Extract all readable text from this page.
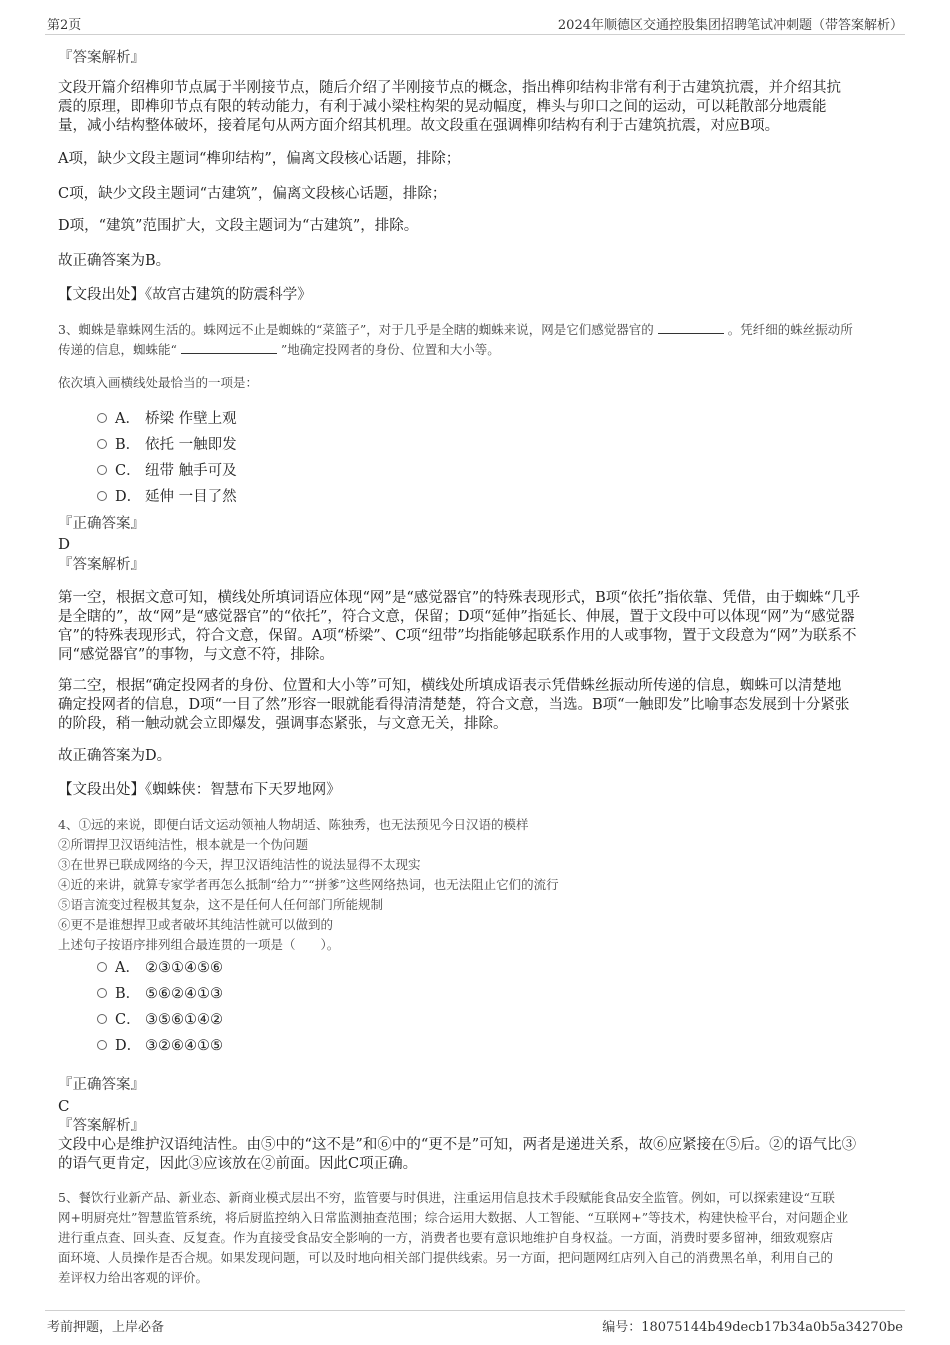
第2页	2024年顺德区交通控股集团招聘笔试冲刺题（带答案解析）
『答案解析』
文段开篇介绍榫卯节点属于半刚接节点，随后介绍了半刚接节点的概念，指出榫卯结构非常有利于古建筑抗震，并介绍其抗
震的原理，即榫卯节点有限的转动能力，有利于减小梁柱构架的晃动幅度，榫头与卯口之间的运动，可以耗散部分地震能
量，减小结构整体破坏，接着尾句从两方面介绍其机理。故文段重在强调榫卯结构有利于古建筑抗震，对应B项。
A项，缺少文段主题词“榫卯结构”，偏离文段核心话题，排除；
C项，缺少文段主题词“古建筑”，偏离文段核心话题，排除；
D项，“建筑”范围扩大，文段主题词为“古建筑”，排除。
故正确答案为B。
【文段出处】《故宫古建筑的防震科学》
3、蜘蛛是靠蛛网生活的。蛛网远不止是蜘蛛的“菜篮子”，对于几乎是全瞎的蜘蛛来说，网是它们感觉器官的	。凭纤细的蛛丝振动所
传递的信息，蜘蛛能“	”地确定投网者的身份、位置和大小等。
依次填入画横线处最恰当的一项是：
A． 桥梁 作壁上观
B． 依托 一触即发
C． 纽带 触手可及
D． 延伸 一目了然
『正确答案』
D
『答案解析』
第一空，根据文意可知，横线处所填词语应体现“网”是“感觉器官”的特殊表现形式，B项“依托”指依靠、凭借，由于蜘蛛“几乎
是全瞎的”，故“网”是“感觉器官”的“依托”，符合文意，保留；D项“延伸”指延长、伸展，置于文段中可以体现“网”为“感觉器
官”的特殊表现形式，符合文意，保留。A项“桥梁”、C项“纽带”均指能够起联系作用的人或事物，置于文段意为“网”为联系不
同“感觉器官”的事物，与文意不符，排除。
第二空，根据“确定投网者的身份、位置和大小等”可知，横线处所填成语表示凭借蛛丝振动所传递的信息，蜘蛛可以清楚地
确定投网者的信息，D项“一目了然”形容一眼就能看得清清楚楚，符合文意，当选。B项“一触即发”比喻事态发展到十分紧张
的阶段，稍一触动就会立即爆发，强调事态紧张，与文意无关，排除。
故正确答案为D。
【文段出处】《蜘蛛侠：智慧布下天罗地网》
4、①远的来说，即便白话文运动领袖人物胡适、陈独秀，也无法预见今日汉语的模样
②所谓捍卫汉语纯洁性，根本就是一个伪问题
③在世界已联成网络的今天，捍卫汉语纯洁性的说法显得不太现实
④近的来讲，就算专家学者再怎么抵制“给力”“拼爹”这些网络热词，也无法阻止它们的流行
⑤语言流变过程极其复杂，这不是任何人任何部门所能规制
⑥更不是谁想捍卫或者破坏其纯洁性就可以做到的
上述句子按语序排列组合最连贯的一项是（　　）。
A． ②③①④⑤⑥
B． ⑤⑥②④①③
C． ③⑤⑥①④②
D． ③②⑥④①⑤
『正确答案』
C
『答案解析』
文段中心是维护汉语纯洁性。由⑤中的“这不是”和⑥中的“更不是”可知，两者是递进关系，故⑥应紧接在⑤后。②的语气比③
的语气更肯定，因此③应该放在②前面。因此C项正确。
5、餐饮行业新产品、新业态、新商业模式层出不穷，监管要与时俱进，注重运用信息技术手段赋能食品安全监管。例如，可以探索建设“互联
网+明厨亮灶”智慧监管系统，将后厨监控纳入日常监测抽查范围；综合运用大数据、人工智能、“互联网+”等技术，构建快检平台，对问题企业
进行重点查、回头查、反复查。作为直接受食品安全影响的一方，消费者也要有意识地维护自身权益。一方面，消费时要多留神，细致观察店
面环境、人员操作是否合规。如果发现问题，可以及时地向相关部门提供线索。另一方面，把问题网红店列入自己的消费黑名单，利用自己的
差评权力给出客观的评价。
考前押题，上岸必备	编号：18075144b49decb17b34a0b5a34270be
